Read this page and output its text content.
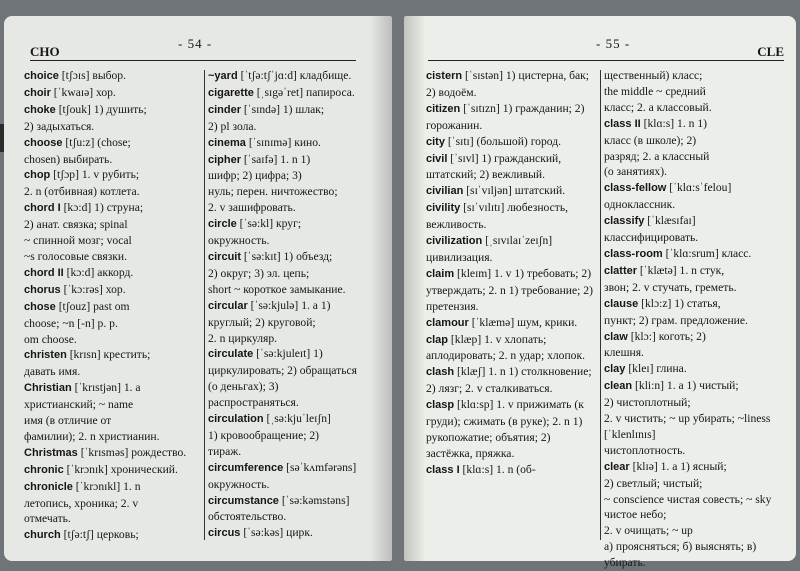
CHO
- 54 -
choice [tʃɔɪs] выбор.
choir [ˈkwaɪə] хор.
choke [tʃouk] 1) душить;
2) задыхаться.
choose [tʃu:z] (chose;
chosen) выбирать.
chop [tʃɔp] 1. v рубить;
2. n (отбивная) котлета.
chord I [kɔ:d] 1) струна;
2) анат. связка; spinal
~ спинной мозг; vocal
~s голосовые связки.
chord II [kɔ:d] аккорд.
chorus [ˈkɔ:rəs] хор.
chose [tʃouz] past om
choose; ~n [-n] p. p.
om choose.
christen [krɪsn] крестить;
давать имя.
Christian [ˈkrɪstjən] 1. a
христианский; ~ name
имя (в отличие от
фамилии); 2. n христианин.
Christmas [ˈkrɪsməs] рождество.
chronic [ˈkrɔnɪk] хронический.
chronicle [ˈkrɔnɪkl] 1. n
летопись, хроника; 2. v
отмечать.
church [tʃə:tʃ] церковь;
~yard [ˈtʃə:tʃˈjɑ:d] кладбище.
cigarette [ˌsɪgəˈret] папироса.
cinder [ˈsɪndə] 1) шлак;
2) pl зола.
cinema [ˈsɪnɪmə] кино.
cipher [ˈsaɪfə] 1. n 1)
шифр; 2) цифра; 3)
нуль; перен. ничтожество;
2. v зашифровать.
circle [ˈsə:kl] круг; окружность.
circuit [ˈsə:kɪt] 1) объезд;
2) округ; 3) эл. цепь;
short ~ короткое замыкание.
circular [ˈsə:kjulə] 1. a 1)
круглый; 2) круговой;
2. n циркуляр.
circulate [ˈsə:kjuleɪt] 1)
циркулировать; 2) обращаться (о деньгах); 3)
распространяться.
circulation [ˌsə:kjuˈleɪʃn]
1) кровообращение; 2)
тираж.
circumference [səˈkʌmfərəns] окружность.
circumstance [ˈsə:kəmstəns]
обстоятельство.
circus [ˈsə:kəs] цирк.
- 55 -
CLE
cistern [ˈsɪstən] 1) цистерна, бак; 2) водоём.
citizen [ˈsɪtɪzn] 1) гражданин; 2) горожанин.
city [ˈsɪtɪ] (большой) город.
civil [ˈsɪvl] 1) гражданский, штатский; 2) вежливый.
civilian [sɪˈvɪljən] штатский.
civility [sɪˈvɪlɪtɪ] любезность, вежливость.
civilization [ˌsɪvɪlaɪˈzeɪʃn] цивилизация.
claim [kleɪm] 1. v 1) требовать; 2) утверждать; 2. n 1) требование; 2) претензия.
clamour [ˈklæmə] шум, крики.
clap [klæp] 1. v хлопать; аплодировать; 2. n удар; хлопок.
clash [klæʃ] 1. n 1) столкновение; 2) лязг; 2. v сталкиваться.
clasp [klɑ:sp] 1. v прижимать (к груди); сжимать (в руке); 2. n 1) рукопожатие; объятия; 2) застёжка, пряжка.
class I [klɑ:s] 1. n (об-
щественный) класс;
the middle ~ средний
класс; 2. a классовый.
class II [klɑ:s] 1. n 1)
класс (в школе); 2)
разряд; 2. a классный
(о занятиях).
class-fellow [ˈklɑ:sˈfelou]
одноклассник.
classify [ˈklæsɪfaɪ] классифицировать.
class-room [ˈklɑ:srum] класс.
clatter [ˈklætə] 1. n стук,
звон; 2. v стучать, греметь.
clause [klɔ:z] 1) статья,
пункт; 2) грам. предложение.
claw [klɔ:] коготь; 2)
клешня.
clay [kleɪ] глина.
clean [kli:n] 1. a 1) чистый;
2) чистоплотный;
2. v чистить; ~ up убирать; ~liness [ˈklenlɪnɪs]
чистоплотность.
clear [klɪə] 1. a 1) ясный;
2) светлый; чистый;
~ conscience чистая совесть; ~ sky чистое небо;
2. v очищать; ~ up
а) проясняться; б) выяснять; в) убирать.
